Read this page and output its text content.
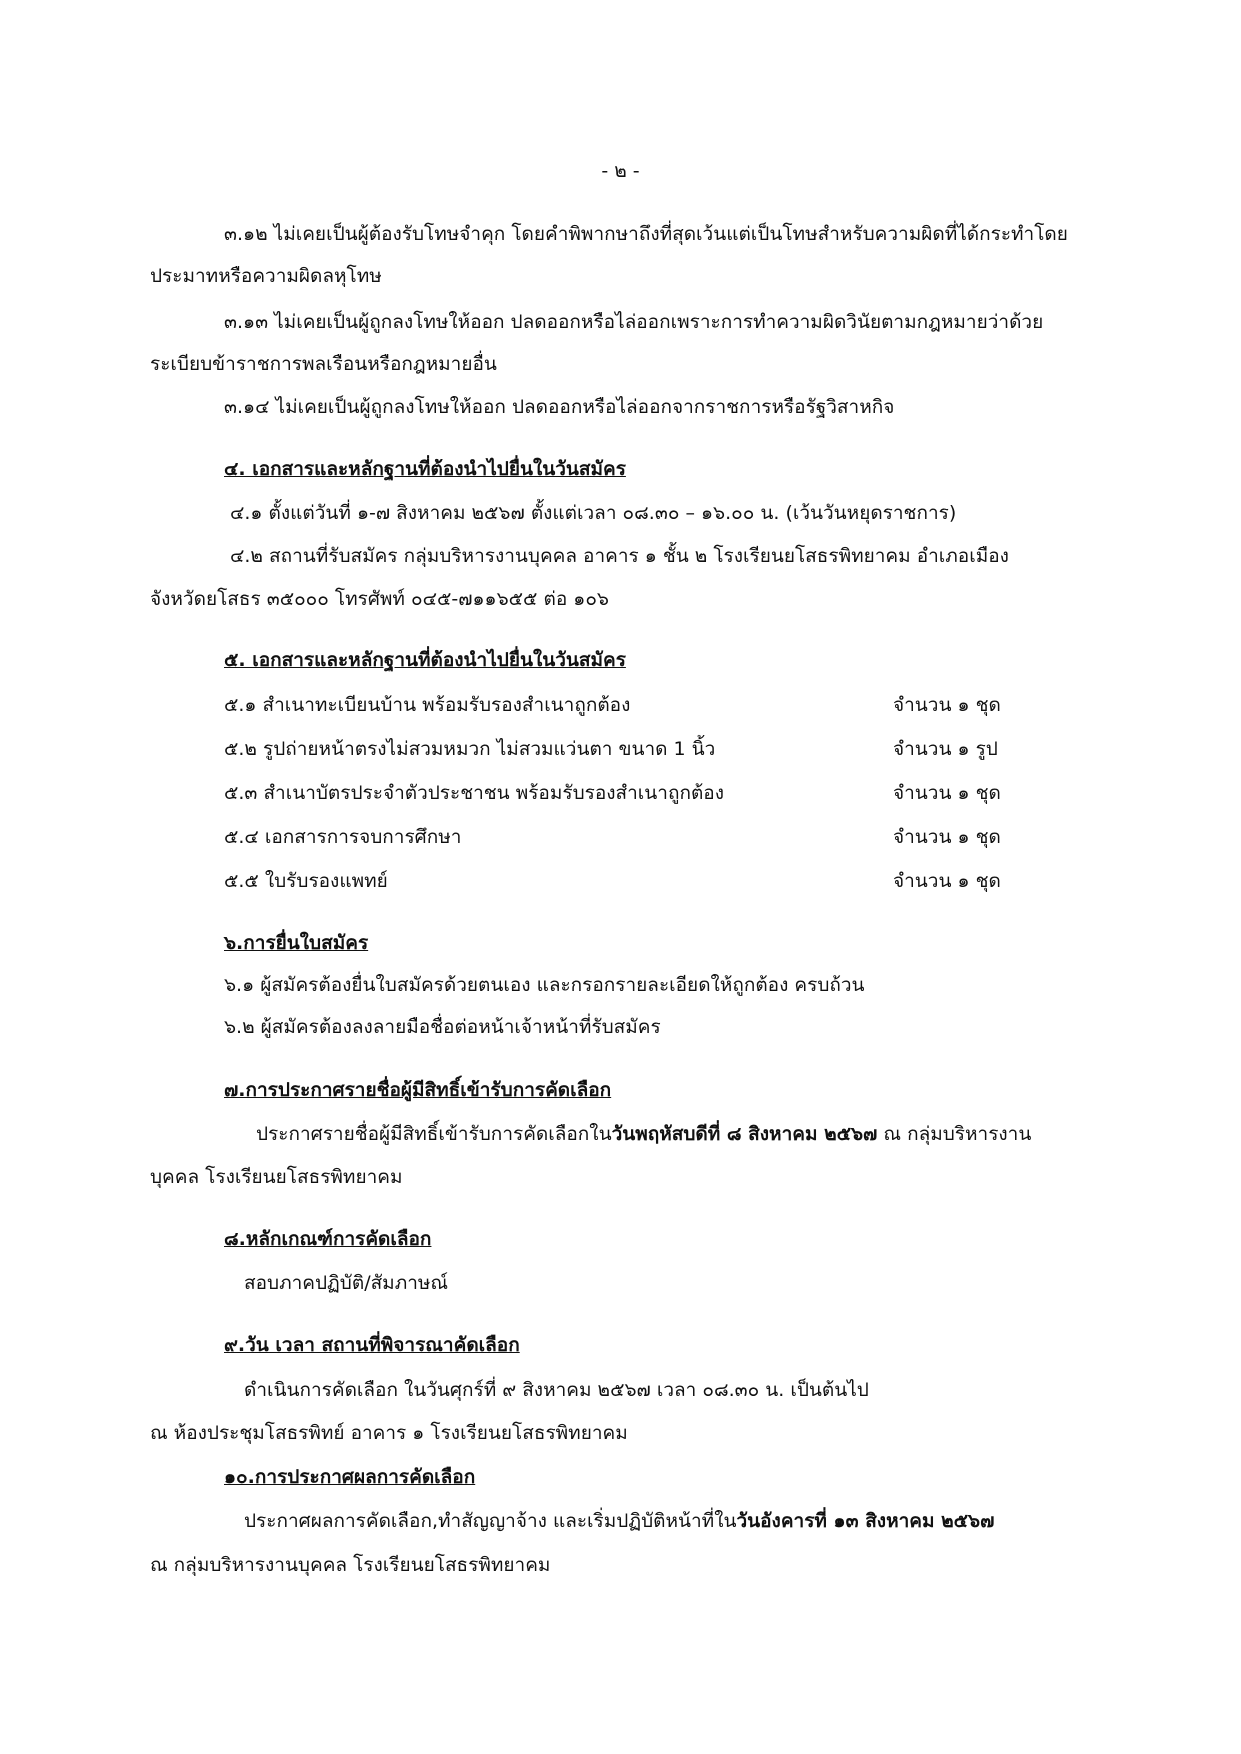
- ๒ -
๓.๑๒ ไม่เคยเป็นผู้ต้องรับโทษจำคุก โดยคำพิพากษาถึงที่สุดเว้นแต่เป็นโทษสำหรับความผิดที่ได้กระทำโดย
ประมาทหรือความผิดลหุโทษ
๓.๑๓ ไม่เคยเป็นผู้ถูกลงโทษให้ออก ปลดออกหรือไล่ออกเพราะการทำความผิดวินัยตามกฎหมายว่าด้วย
ระเบียบข้าราชการพลเรือนหรือกฎหมายอื่น
๓.๑๔ ไม่เคยเป็นผู้ถูกลงโทษให้ออก ปลดออกหรือไล่ออกจากราชการหรือรัฐวิสาหกิจ
๔. เอกสารและหลักฐานที่ต้องนำไปยื่นในวันสมัคร
๔.๑ ตั้งแต่วันที่ ๑-๗ สิงหาคม ๒๕๖๗ ตั้งแต่เวลา ๐๘.๓๐ – ๑๖.๐๐ น. (เว้นวันหยุดราชการ)
๔.๒ สถานที่รับสมัคร กลุ่มบริหารงานบุคคล อาคาร ๑ ชั้น ๒ โรงเรียนยโสธรพิทยาคม อำเภอเมือง
จังหวัดยโสธร ๓๕๐๐๐ โทรศัพท์ ๐๔๕-๗๑๑๖๕๕ ต่อ ๑๐๖
๕. เอกสารและหลักฐานที่ต้องนำไปยื่นในวันสมัคร
๕.๑ สำเนาทะเบียนบ้าน พร้อมรับรองสำเนาถูกต้อง	จำนวน ๑ ชุด
๕.๒ รูปถ่ายหน้าตรงไม่สวมหมวก ไม่สวมแว่นตา ขนาด 1 นิ้ว	จำนวน ๑ รูป
๕.๓ สำเนาบัตรประจำตัวประชาชน พร้อมรับรองสำเนาถูกต้อง	จำนวน ๑ ชุด
๕.๔ เอกสารการจบการศึกษา	จำนวน ๑ ชุด
๕.๕ ใบรับรองแพทย์	จำนวน ๑ ชุด
๖.การยื่นใบสมัคร
๖.๑ ผู้สมัครต้องยื่นใบสมัครด้วยตนเอง และกรอกรายละเอียดให้ถูกต้อง ครบถ้วน
๖.๒ ผู้สมัครต้องลงลายมือชื่อต่อหน้าเจ้าหน้าที่รับสมัคร
๗.การประกาศรายชื่อผู้มีสิทธิ์เข้ารับการคัดเลือก
ประกาศรายชื่อผู้มีสิทธิ์เข้ารับการคัดเลือกในวันพฤหัสบดีที่ ๘ สิงหาคม ๒๕๖๗ ณ กลุ่มบริหารงาน
บุคคล โรงเรียนยโสธรพิทยาคม
๘.หลักเกณฑ์การคัดเลือก
สอบภาคปฏิบัติ/สัมภาษณ์
๙.วัน เวลา สถานที่พิจารณาคัดเลือก
ดำเนินการคัดเลือก ในวันศุกร์ที่ ๙ สิงหาคม ๒๕๖๗ เวลา ๐๘.๓๐ น. เป็นต้นไป
ณ ห้องประชุมโสธรพิทย์ อาคาร ๑ โรงเรียนยโสธรพิทยาคม
๑๐.การประกาศผลการคัดเลือก
ประกาศผลการคัดเลือก,ทำสัญญาจ้าง และเริ่มปฏิบัติหน้าที่ในวันอังคารที่ ๑๓ สิงหาคม ๒๕๖๗
ณ กลุ่มบริหารงานบุคคล โรงเรียนยโสธรพิทยาคม
